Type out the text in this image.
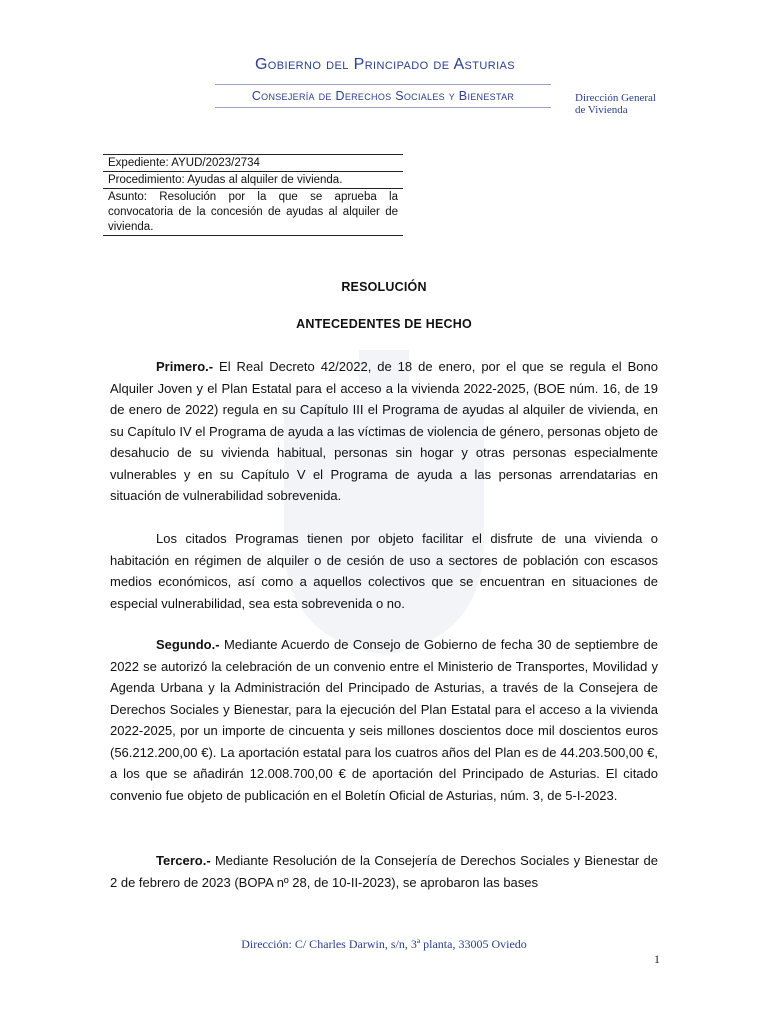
Gobierno del Principado de Asturias
Consejería de Derechos Sociales y Bienestar	Dirección General
de Vivienda
Expediente: AYUD/2023/2734
Procedimiento: Ayudas al alquiler de vivienda.
Asunto: Resolución por la que se aprueba la convocatoria de la concesión de ayudas al alquiler de vivienda.
RESOLUCIÓN
ANTECEDENTES DE HECHO
Primero.- El Real Decreto 42/2022, de 18 de enero, por el que se regula el Bono Alquiler Joven y el Plan Estatal para el acceso a la vivienda 2022-2025, (BOE núm. 16, de 19 de enero de 2022) regula en su Capítulo III el Programa de ayudas al alquiler de vivienda, en su Capítulo IV el Programa de ayuda a las víctimas de violencia de género, personas objeto de desahucio de su vivienda habitual, personas sin hogar y otras personas especialmente vulnerables y en su Capítulo V el Programa de ayuda a las personas arrendatarias en situación de vulnerabilidad sobrevenida.
Los citados Programas tienen por objeto facilitar el disfrute de una vivienda o habitación en régimen de alquiler o de cesión de uso a sectores de población con escasos medios económicos, así como a aquellos colectivos que se encuentran en situaciones de especial vulnerabilidad, sea esta sobrevenida o no.
Segundo.- Mediante Acuerdo de Consejo de Gobierno de fecha 30 de septiembre de 2022 se autorizó la celebración de un convenio entre el Ministerio de Transportes, Movilidad y Agenda Urbana y la Administración del Principado de Asturias, a través de la Consejera de Derechos Sociales y Bienestar, para la ejecución del Plan Estatal para el acceso a la vivienda 2022-2025, por un importe de cincuenta y seis millones doscientos doce mil doscientos euros (56.212.200,00 €). La aportación estatal para los cuatros años del Plan es de 44.203.500,00 €, a los que se añadirán 12.008.700,00 € de aportación del Principado de Asturias. El citado convenio fue objeto de publicación en el Boletín Oficial de Asturias, núm. 3, de 5-I-2023.
Tercero.- Mediante Resolución de la Consejería de Derechos Sociales y Bienestar de 2 de febrero de 2023 (BOPA nº 28, de 10-II-2023), se aprobaron las bases
Dirección: C/ Charles Darwin, s/n, 3ª planta, 33005 Oviedo
1
